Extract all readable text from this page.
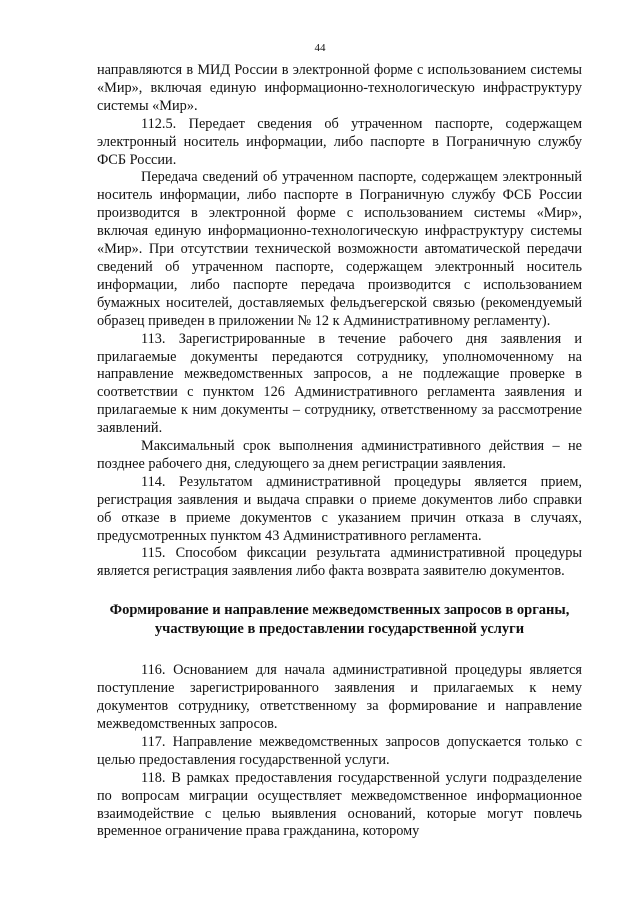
44

направляются в МИД России в электронной форме с использованием системы «Мир», включая единую информационно-технологическую инфраструктуру системы «Мир».

112.5. Передает сведения об утраченном паспорте, содержащем электронный носитель информации, либо паспорте в Пограничную службу ФСБ России.

Передача сведений об утраченном паспорте, содержащем электронный носитель информации, либо паспорте в Пограничную службу ФСБ России производится в электронной форме с использованием системы «Мир», включая единую информационно-технологическую инфраструктуру системы «Мир». При отсутствии технической возможности автоматической передачи сведений об утраченном паспорте, содержащем электронный носитель информации, либо паспорте передача производится с использованием бумажных носителей, доставляемых фельдъегерской связью (рекомендуемый образец приведен в приложении № 12 к Административному регламенту).

113. Зарегистрированные в течение рабочего дня заявления и прилагаемые документы передаются сотруднику, уполномоченному на направление межведомственных запросов, а не подлежащие проверке в соответствии с пунктом 126 Административного регламента заявления и прилагаемые к ним документы – сотруднику, ответственному за рассмотрение заявлений.

Максимальный срок выполнения административного действия – не позднее рабочего дня, следующего за днем регистрации заявления.

114. Результатом административной процедуры является прием, регистрация заявления и выдача справки о приеме документов либо справки об отказе в приеме документов с указанием причин отказа в случаях, предусмотренных пунктом 43 Административного регламента.

115. Способом фиксации результата административной процедуры является регистрация заявления либо факта возврата заявителю документов.

Формирование и направление межведомственных запросов в органы, участвующие в предоставлении государственной услуги

116. Основанием для начала административной процедуры является поступление зарегистрированного заявления и прилагаемых к нему документов сотруднику, ответственному за формирование и направление межведомственных запросов.

117. Направление межведомственных запросов допускается только с целью предоставления государственной услуги.

118. В рамках предоставления государственной услуги подразделение по вопросам миграции осуществляет межведомственное информационное взаимодействие с целью выявления оснований, которые могут повлечь временное ограничение права гражданина, которому
